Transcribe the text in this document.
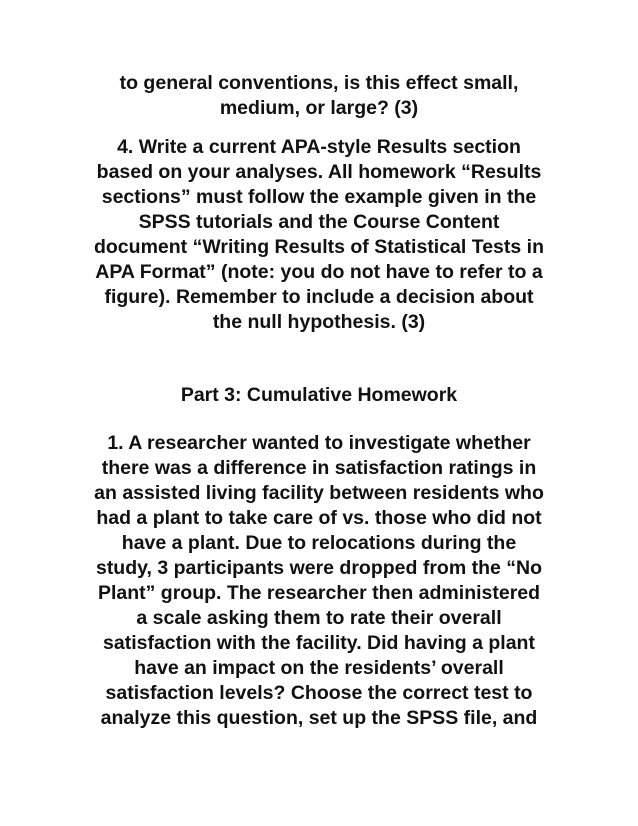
to general conventions, is this effect small,
medium, or large? (3)

4. Write a current APA-style Results section
based on your analyses. All homework “Results
sections” must follow the example given in the
SPSS tutorials and the Course Content
document “Writing Results of Statistical Tests in
APA Format” (note: you do not have to refer to a
figure). Remember to include a decision about
the null hypothesis. (3)

Part 3: Cumulative Homework

1. A researcher wanted to investigate whether
there was a difference in satisfaction ratings in
an assisted living facility between residents who
had a plant to take care of vs. those who did not
have a plant. Due to relocations during the
study, 3 participants were dropped from the “No
Plant” group. The researcher then administered
a scale asking them to rate their overall
satisfaction with the facility. Did having a plant
have an impact on the residents’ overall
satisfaction levels? Choose the correct test to
analyze this question, set up the SPSS file, and
